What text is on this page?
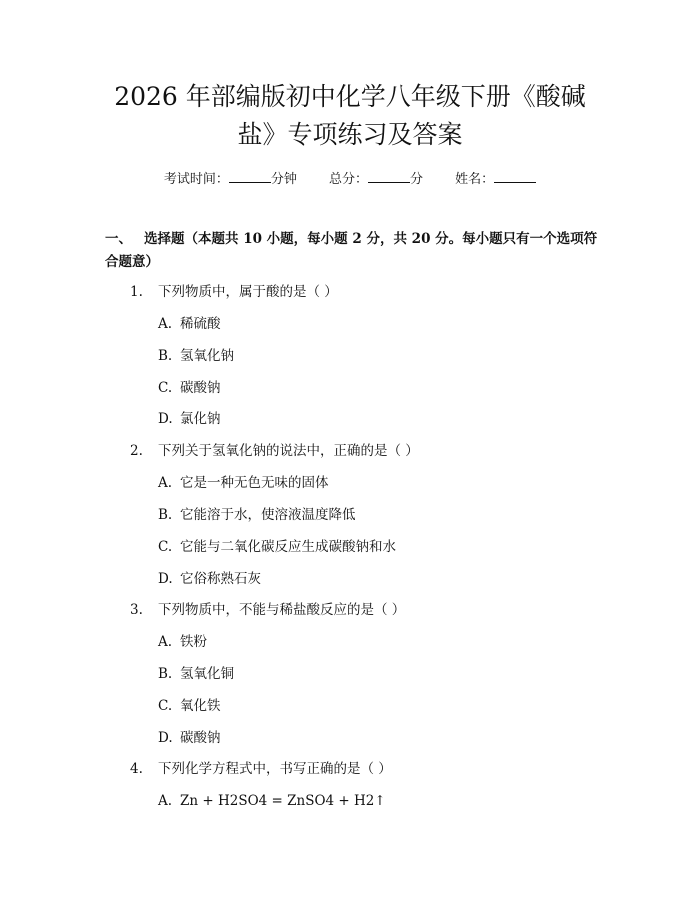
2026 年部编版初中化学八年级下册《酸碱
盐》专项练习及答案
考试时间：	分钟 总分：	分 姓名：
一、 选择题（本题共 10 小题，每小题 2 分，共 20 分。每小题只有一个选项符合题意）
1. 下列物质中，属于酸的是（ ）
A. 稀硫酸
B. 氢氧化钠
C. 碳酸钠
D. 氯化钠
2. 下列关于氢氧化钠的说法中，正确的是（ ）
A. 它是一种无色无味的固体
B. 它能溶于水，使溶液温度降低
C. 它能与二氧化碳反应生成碳酸钠和水
D. 它俗称熟石灰
3. 下列物质中，不能与稀盐酸反应的是（ ）
A. 铁粉
B. 氢氧化铜
C. 氧化铁
D. 碳酸钠
4. 下列化学方程式中，书写正确的是（ ）
A. Zn + H2SO4 = ZnSO4 + H2↑
